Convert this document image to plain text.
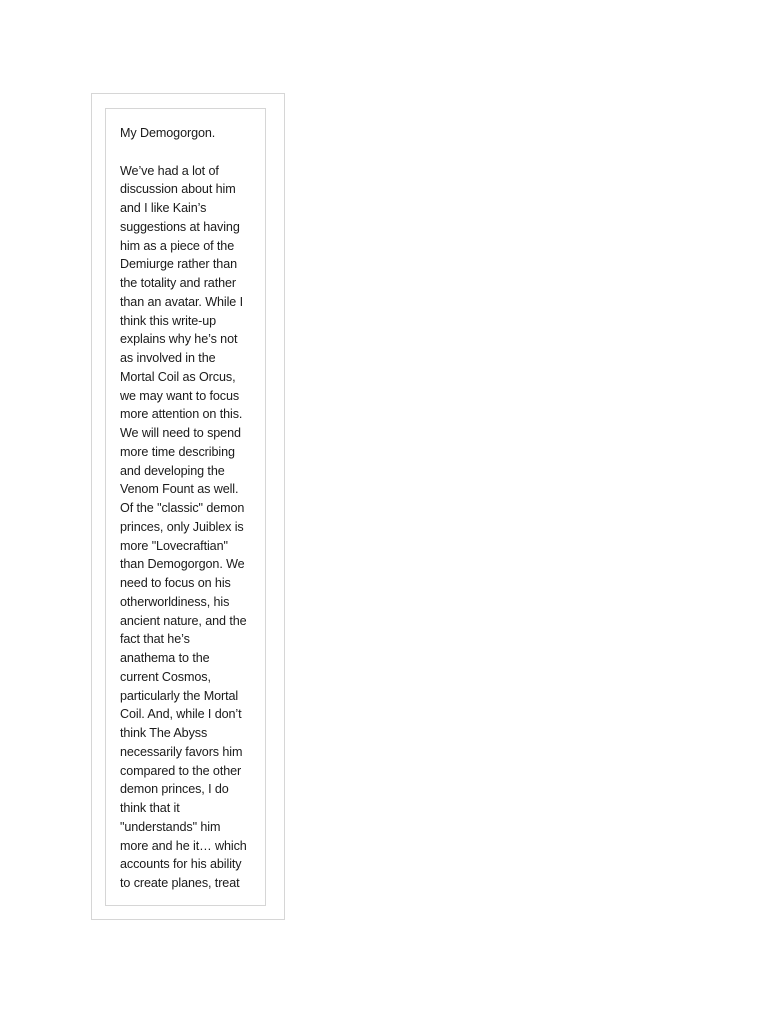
My Demogorgon.
We’ve had a lot of
discussion about him
and I like Kain’s
suggestions at having
him as a piece of the
Demiurge rather than
the totality and rather
than an avatar. While I
think this write-up
explains why he’s not
as involved in the
Mortal Coil as Orcus,
we may want to focus
more attention on this.
We will need to spend
more time describing
and developing the
Venom Fount as well.
Of the "classic" demon
princes, only Juiblex is
more "Lovecraftian"
than Demogorgon. We
need to focus on his
otherworldiness, his
ancient nature, and the
fact that he’s
anathema to the
current Cosmos,
particularly the Mortal
Coil. And, while I don’t
think The Abyss
necessarily favors him
compared to the other
demon princes, I do
think that it
"understands" him
more and he it… which
accounts for his ability
to create planes, treat
